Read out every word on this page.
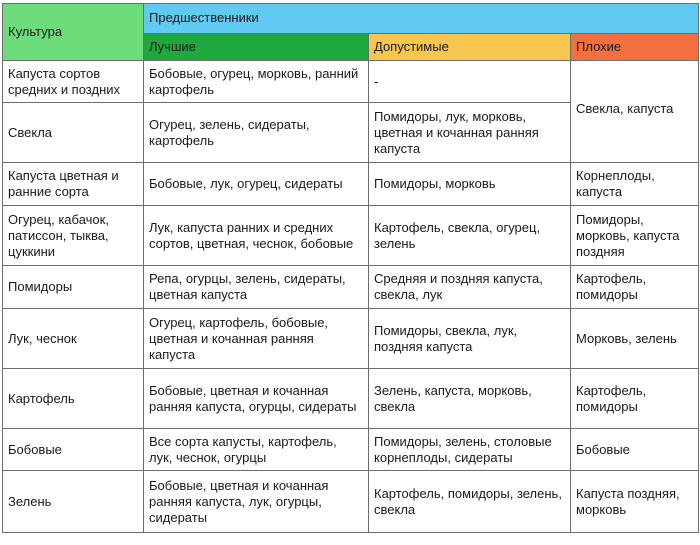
Культура	Предшественники		
	Лучшие	Допустимые	Плохие
Капуста сортов средних и поздних	Бобовые, огурец, морковь, ранний картофель	-	Свекла, капуста
Свекла	Огурец, зелень, сидераты, картофель	Помидоры, лук, морковь, цветная и кочанная ранняя капуста	
Капуста цветная и ранние сорта	Бобовые, лук, огурец, сидераты	Помидоры, морковь	Корнеплоды, капуста
Огурец, кабачок, патиссон, тыква, цуккини	Лук, капуста ранних и средних сортов, цветная, чеснок, бобовые	Картофель, свекла, огурец, зелень	Помидоры, морковь, капуста поздняя
Помидоры	Репа, огурцы, зелень, сидераты, цветная капуста	Средняя и поздняя капуста, свекла, лук	Картофель, помидоры
Лук, чеснок	Огурец, картофель, бобовые, цветная и кочанная ранняя капуста	Помидоры, свекла, лук, поздняя капуста	Морковь, зелень
Картофель	Бобовые, цветная и кочанная ранняя капуста, огурцы, сидераты	Зелень, капуста, морковь, свекла	Картофель, помидоры
Бобовые	Все сорта капусты, картофель, лук, чеснок, огурцы	Помидоры, зелень, столовые корнеплоды, сидераты	Бобовые
Зелень	Бобовые, цветная и кочанная ранняя капуста, лук, огурцы, сидераты	Картофель, помидоры, зелень, свекла	Капуста поздняя, морковь
